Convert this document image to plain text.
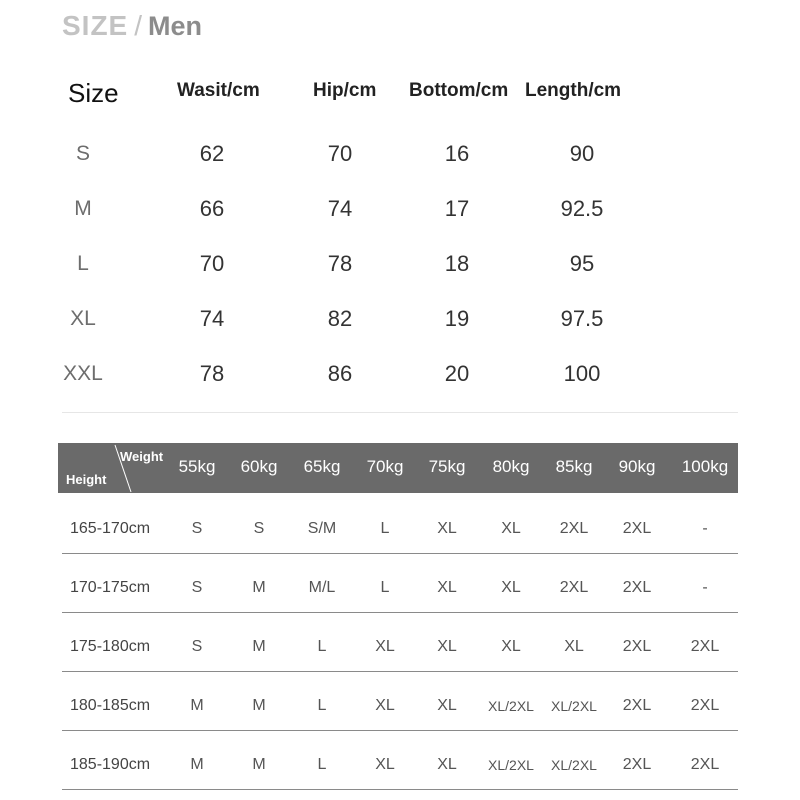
SIZE / Men
Size	Wasit/cm	Hip/cm Bottom/cm Length/cm
S	62	70	16	90
M	66	74	17	92.5
L	70	78	18	95
XL	74	82	19	97.5
XXL	78	86	20	100
Weight
Height
55kg	60kg	65kg	70kg	75kg	80kg	85kg	90kg	100kg
165-170cm	S	S	S/M	L	XL	XL	2XL	2XL	-
170-175cm	S	M	M/L	L	XL	XL	2XL	2XL	-
175-180cm	S	M	L	XL	XL	XL	XL	2XL	2XL
180-185cm	M	M	L	XL	XL	XL/2XL	XL/2XL	2XL	2XL
185-190cm	M	M	L	XL	XL	XL/2XL	XL/2XL	2XL	2XL
